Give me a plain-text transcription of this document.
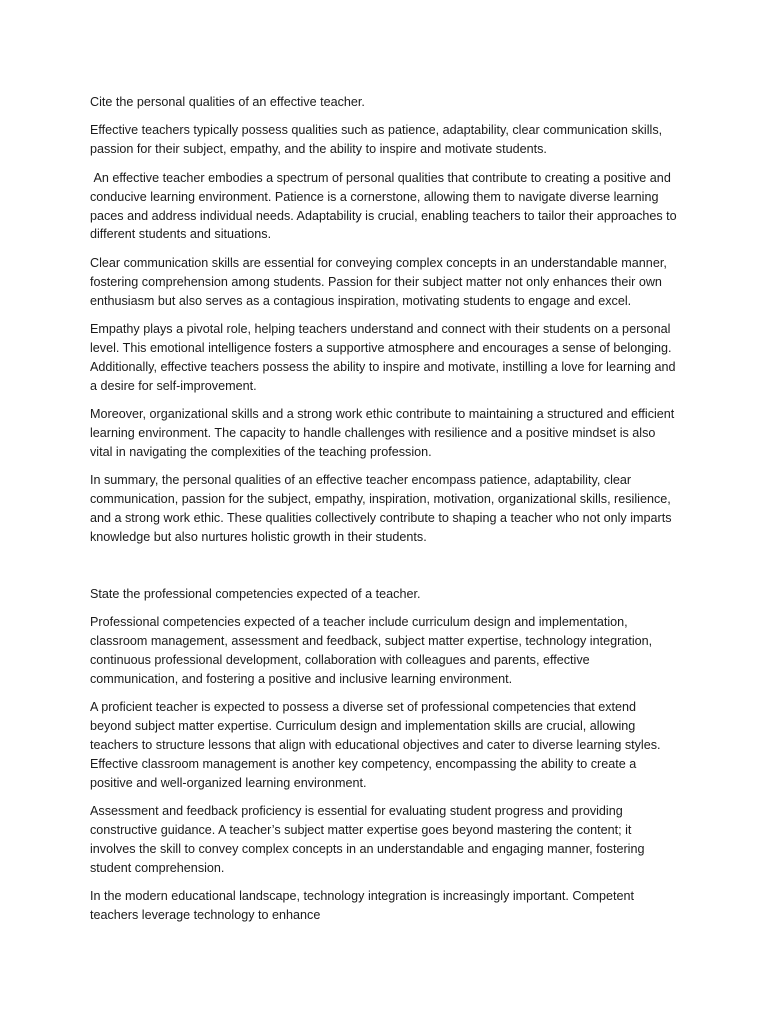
Cite the personal qualities of an effective teacher.

Effective teachers typically possess qualities such as patience, adaptability, clear communication skills, passion for their subject, empathy, and the ability to inspire and motivate students.

An effective teacher embodies a spectrum of personal qualities that contribute to creating a positive and conducive learning environment. Patience is a cornerstone, allowing them to navigate diverse learning paces and address individual needs. Adaptability is crucial, enabling teachers to tailor their approaches to different students and situations.

Clear communication skills are essential for conveying complex concepts in an understandable manner, fostering comprehension among students. Passion for their subject matter not only enhances their own enthusiasm but also serves as a contagious inspiration, motivating students to engage and excel.

Empathy plays a pivotal role, helping teachers understand and connect with their students on a personal level. This emotional intelligence fosters a supportive atmosphere and encourages a sense of belonging. Additionally, effective teachers possess the ability to inspire and motivate, instilling a love for learning and a desire for self-improvement.

Moreover, organizational skills and a strong work ethic contribute to maintaining a structured and efficient learning environment. The capacity to handle challenges with resilience and a positive mindset is also vital in navigating the complexities of the teaching profession.

In summary, the personal qualities of an effective teacher encompass patience, adaptability, clear communication, passion for the subject, empathy, inspiration, motivation, organizational skills, resilience, and a strong work ethic. These qualities collectively contribute to shaping a teacher who not only imparts knowledge but also nurtures holistic growth in their students.

State the professional competencies expected of a teacher.

Professional competencies expected of a teacher include curriculum design and implementation, classroom management, assessment and feedback, subject matter expertise, technology integration, continuous professional development, collaboration with colleagues and parents, effective communication, and fostering a positive and inclusive learning environment.

A proficient teacher is expected to possess a diverse set of professional competencies that extend beyond subject matter expertise. Curriculum design and implementation skills are crucial, allowing teachers to structure lessons that align with educational objectives and cater to diverse learning styles. Effective classroom management is another key competency, encompassing the ability to create a positive and well-organized learning environment.

Assessment and feedback proficiency is essential for evaluating student progress and providing constructive guidance. A teacher’s subject matter expertise goes beyond mastering the content; it involves the skill to convey complex concepts in an understandable and engaging manner, fostering student comprehension.

In the modern educational landscape, technology integration is increasingly important. Competent teachers leverage technology to enhance
